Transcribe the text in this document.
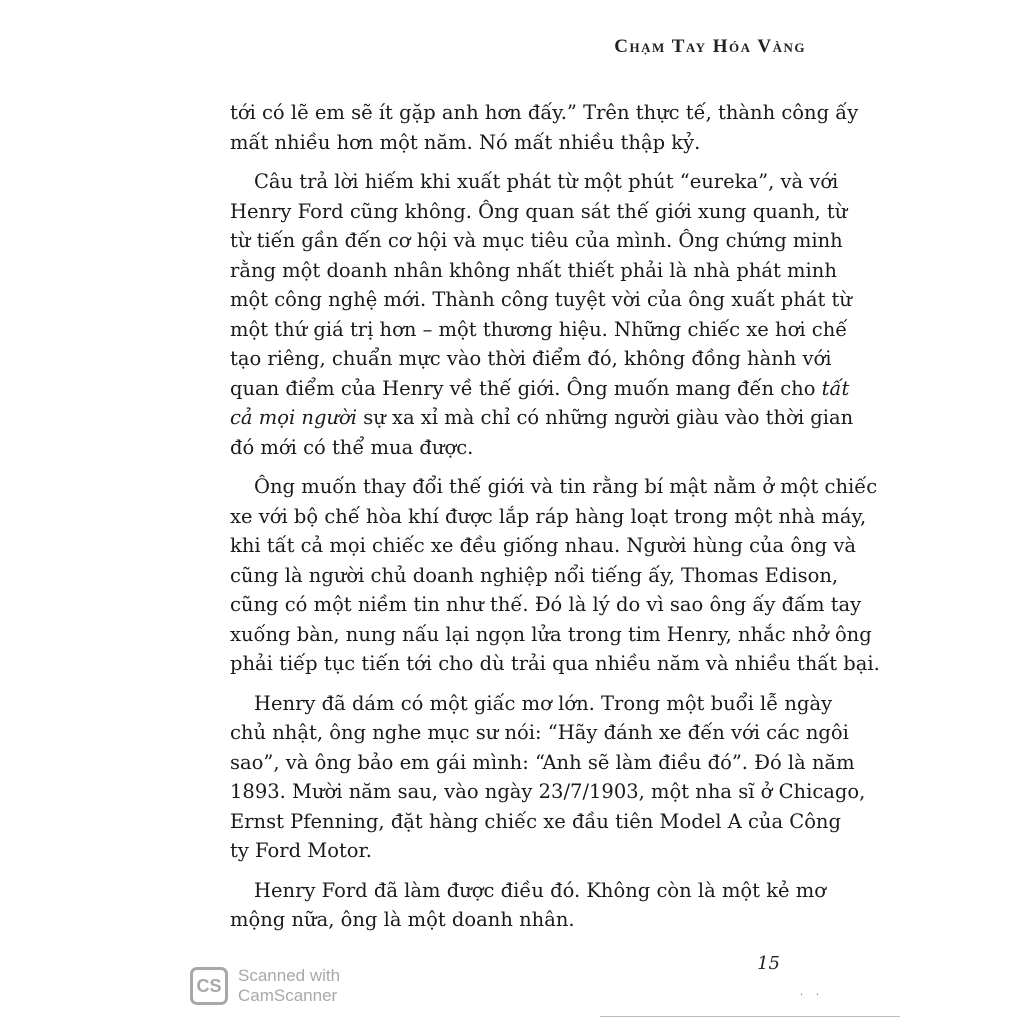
Chạm Tay Hóa Vàng

tới có lẽ em sẽ ít gặp anh hơn đấy.” Trên thực tế, thành công ấy
mất nhiều hơn một năm. Nó mất nhiều thập kỷ.

Câu trả lời hiếm khi xuất phát từ một phút “eureka”, và với
Henry Ford cũng không. Ông quan sát thế giới xung quanh, từ
từ tiến gần đến cơ hội và mục tiêu của mình. Ông chứng minh
rằng một doanh nhân không nhất thiết phải là nhà phát minh
một công nghệ mới. Thành công tuyệt vời của ông xuất phát từ
một thứ giá trị hơn – một thương hiệu. Những chiếc xe hơi chế
tạo riêng, chuẩn mực vào thời điểm đó, không đồng hành với
quan điểm của Henry về thế giới. Ông muốn mang đến cho tất
cả mọi người sự xa xỉ mà chỉ có những người giàu vào thời gian
đó mới có thể mua được.

Ông muốn thay đổi thế giới và tin rằng bí mật nằm ở một chiếc
xe với bộ chế hòa khí được lắp ráp hàng loạt trong một nhà máy,
khi tất cả mọi chiếc xe đều giống nhau. Người hùng của ông và
cũng là người chủ doanh nghiệp nổi tiếng ấy, Thomas Edison,
cũng có một niềm tin như thế. Đó là lý do vì sao ông ấy đấm tay
xuống bàn, nung nấu lại ngọn lửa trong tim Henry, nhắc nhở ông
phải tiếp tục tiến tới cho dù trải qua nhiều năm và nhiều thất bại.

Henry đã dám có một giấc mơ lớn. Trong một buổi lễ ngày
chủ nhật, ông nghe mục sư nói: “Hãy đánh xe đến với các ngôi
sao”, và ông bảo em gái mình: “Anh sẽ làm điều đó”. Đó là năm
1893. Mười năm sau, vào ngày 23/7/1903, một nha sĩ ở Chicago,
Ernst Pfenning, đặt hàng chiếc xe đầu tiên Model A của Công
ty Ford Motor.

Henry Ford đã làm được điều đó. Không còn là một kẻ mơ
mộng nữa, ông là một doanh nhân.

15
CS Scanned with
CamScanner	·    ·
